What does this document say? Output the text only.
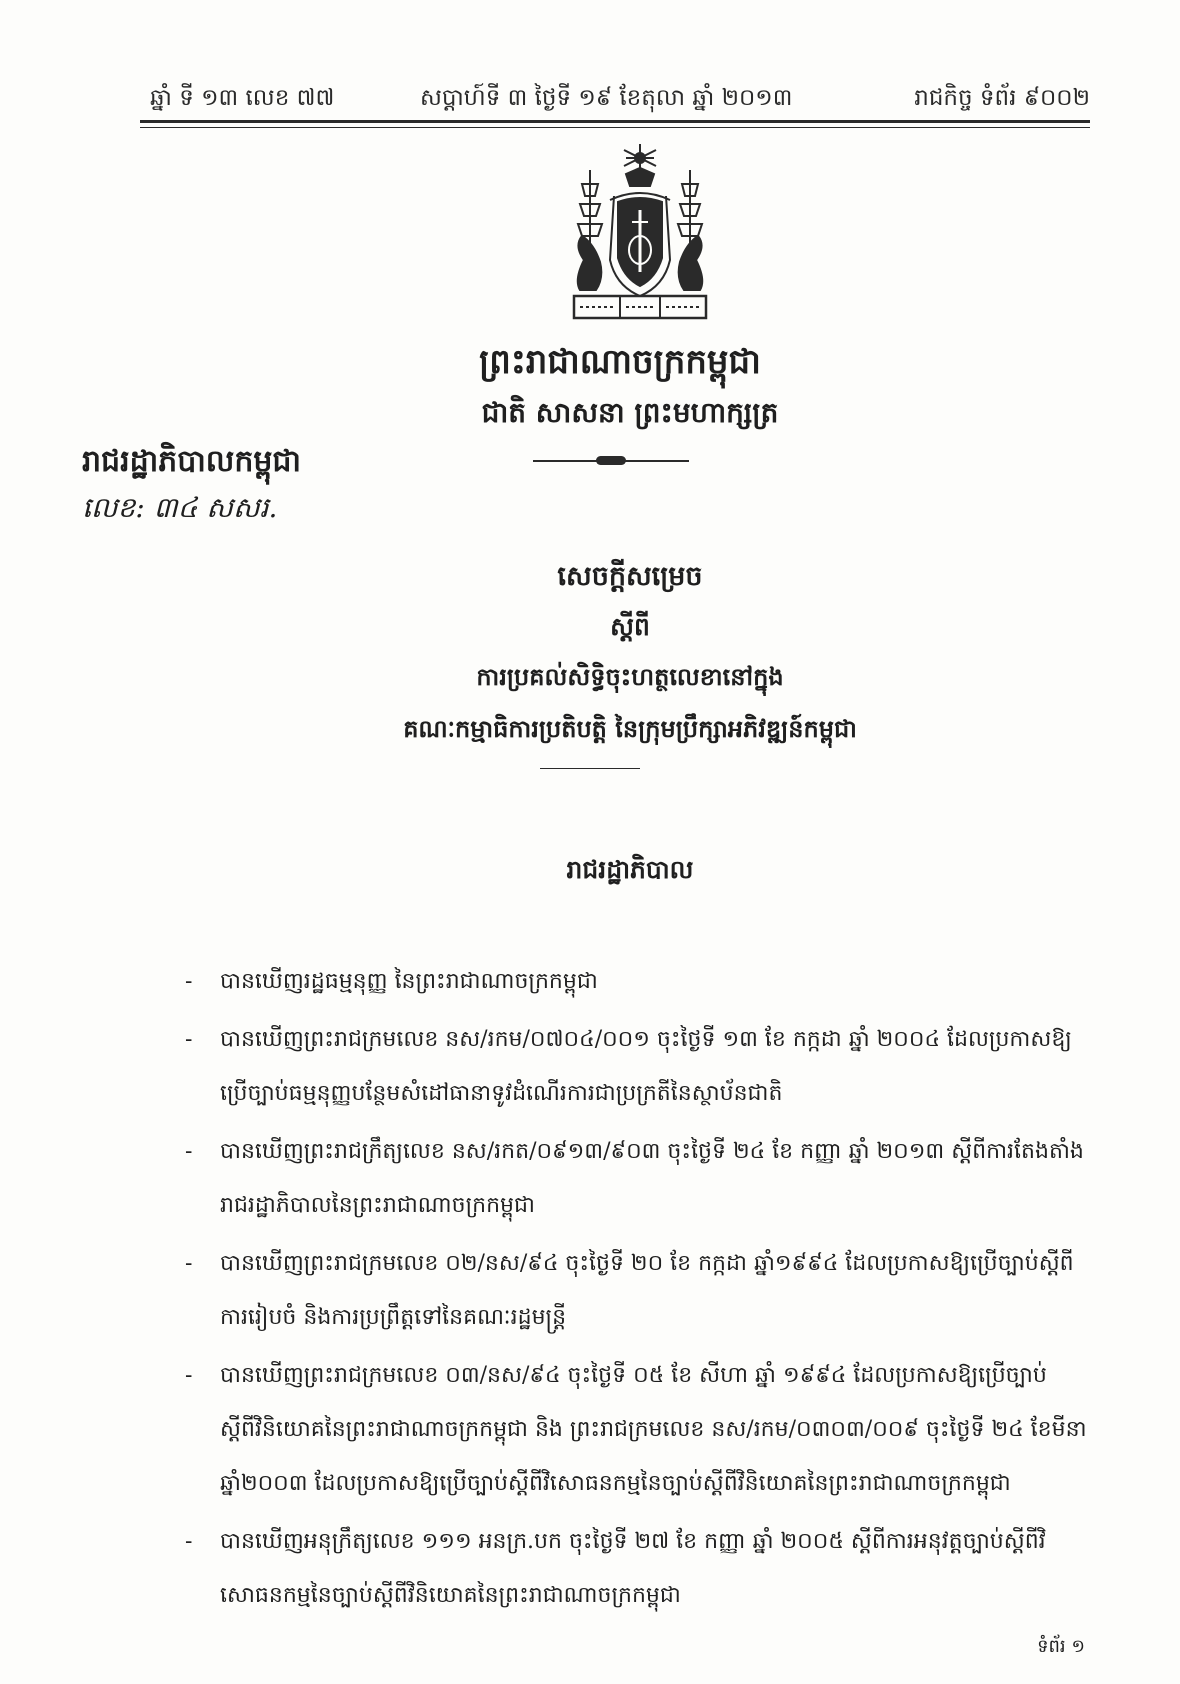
ឆ្នាំ ទី ១៣ លេខ ៧៧	សប្តាហ៍ទី ៣ ថ្ងៃទី ១៩ ខែតុលា ឆ្នាំ ២០១៣	រាជកិច្ច ទំព័រ ៩០០២
ព្រះរាជាណាចក្រកម្ពុជា
ជាតិ សាសនា ព្រះមហាក្សត្រ
រាជរដ្ឋាភិបាលកម្ពុជា
លេខ: ៣៤ សសរ.
សេចក្ដីសម្រេច
ស្ដីពី
ការប្រគល់សិទ្ធិចុះហត្ថលេខានៅក្នុង
គណៈកម្មាធិការប្រតិបត្តិ នៃក្រុមប្រឹក្សាអភិវឌ្ឍន៍កម្ពុជា
រាជរដ្ឋាភិបាល
- បានឃើញរដ្ឋធម្មនុញ្ញ នៃព្រះរាជាណាចក្រកម្ពុជា
- បានឃើញព្រះរាជក្រមលេខ នស/រកម/០៧០៤/០០១ ចុះថ្ងៃទី ១៣ ខែ កក្កដា ឆ្នាំ ២០០៤ ដែលប្រកាសឱ្យប្រើច្បាប់ធម្មនុញ្ញបន្ថែមសំដៅធានាទូវដំណើរការជាប្រក្រតីនៃស្ថាប័នជាតិ
- បានឃើញព្រះរាជក្រឹត្យលេខ នស/រកត/០៩១៣/៩០៣ ចុះថ្ងៃទី ២៤ ខែ កញ្ញា ឆ្នាំ ២០១៣ ស្ដីពីការតែងតាំងរាជរដ្ឋាភិបាលនៃព្រះរាជាណាចក្រកម្ពុជា
- បានឃើញព្រះរាជក្រមលេខ ០២/នស/៩៤ ចុះថ្ងៃទី ២០ ខែ កក្កដា ឆ្នាំ១៩៩៤ ដែលប្រកាសឱ្យប្រើច្បាប់ស្ដីពីការរៀបចំ និងការប្រព្រឹត្តទៅនៃគណៈរដ្ឋមន្ត្រី
- បានឃើញព្រះរាជក្រមលេខ ០៣/នស/៩៤ ចុះថ្ងៃទី ០៥ ខែ សីហា ឆ្នាំ ១៩៩៤ ដែលប្រកាសឱ្យប្រើច្បាប់ស្ដីពីវិនិយោគនៃព្រះរាជាណាចក្រកម្ពុជា និង ព្រះរាជក្រមលេខ នស/រកម/០៣០៣/០០៩ ចុះថ្ងៃទី ២៤ ខែមីនា ឆ្នាំ២០០៣ ដែលប្រកាសឱ្យប្រើច្បាប់ស្ដីពីវិសោធនកម្មនៃច្បាប់ស្ដីពីវិនិយោគនៃព្រះរាជាណាចក្រកម្ពុជា
- បានឃើញអនុក្រឹត្យលេខ ១១១ អនក្រ.បក ចុះថ្ងៃទី ២៧ ខែ កញ្ញា ឆ្នាំ ២០០៥ ស្ដីពីការអនុវត្តច្បាប់ស្ដីពីវិសោធនកម្មនៃច្បាប់ស្ដីពីវិនិយោគនៃព្រះរាជាណាចក្រកម្ពុជា
ទំព័រ ១
